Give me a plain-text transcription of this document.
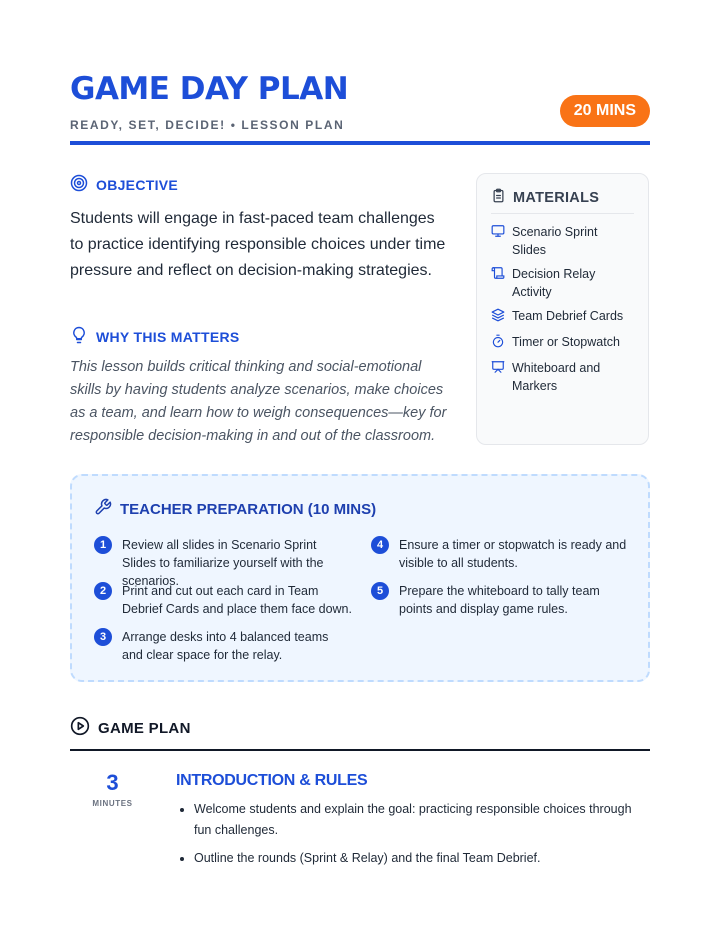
GAME DAY PLAN
READY, SET, DECIDE! • LESSON PLAN
20 MINS
OBJECTIVE

Students will engage in fast-paced team challenges to practice identifying responsible choices under time pressure and reflect on decision-making strategies.

WHY THIS MATTERS

This lesson builds critical thinking and social-emotional skills by having students analyze scenarios, make choices as a team, and learn how to weigh consequences—key for responsible decision-making in and out of the classroom.

MATERIALS
Scenario Sprint Slides
Decision Relay Activity
Team Debrief Cards
Timer or Stopwatch
Whiteboard and Markers
TEACHER PREPARATION (10 MINS)
1	Review all slides in Scenario Sprint Slides to familiarize yourself with the scenarios.
2	Print and cut out each card in Team Debrief Cards and place them face down.
3	Arrange desks into 4 balanced teams and clear space for the relay.
4	Ensure a timer or stopwatch is ready and visible to all students.
5	Prepare the whiteboard to tally team points and display game rules.
GAME PLAN
3
MINUTES
INTRODUCTION & RULES
• Welcome students and explain the goal: practicing responsible choices through fun challenges.
• Outline the rounds (Sprint & Relay) and the final Team Debrief.
